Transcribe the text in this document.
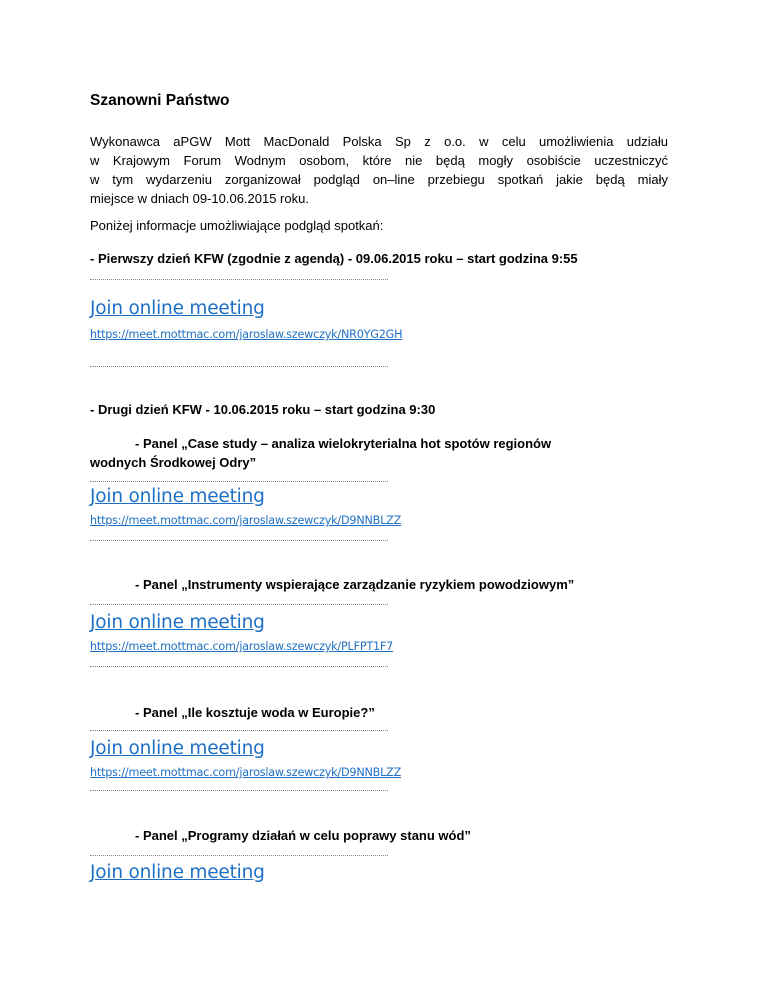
Szanowni Państwo
Wykonawca aPGW Mott MacDonald Polska Sp z o.o. w celu umożliwienia udziału
w Krajowym Forum Wodnym osobom, które nie będą mogły osobiście uczestniczyć
w tym wydarzeniu zorganizował podgląd on–line przebiegu spotkań jakie będą miały
miejsce w dniach 09-10.06.2015 roku.
Poniżej informacje umożliwiające podgląd spotkań:
- Pierwszy dzień KFW (zgodnie z agendą) - 09.06.2015 roku – start godzina 9:55
Join online meeting
https://meet.mottmac.com/jaroslaw.szewczyk/NR0YG2GH
- Drugi dzień KFW - 10.06.2015 roku – start godzina 9:30
- Panel „Case study – analiza wielokryterialna hot spotów regionów
wodnych Środkowej Odry”
Join online meeting
https://meet.mottmac.com/jaroslaw.szewczyk/D9NNBLZZ
- Panel „Instrumenty wspierające zarządzanie ryzykiem powodziowym”
Join online meeting
https://meet.mottmac.com/jaroslaw.szewczyk/PLFPT1F7
- Panel „Ile kosztuje woda w Europie?”
Join online meeting
https://meet.mottmac.com/jaroslaw.szewczyk/D9NNBLZZ
- Panel „Programy działań w celu poprawy stanu wód”
Join online meeting
